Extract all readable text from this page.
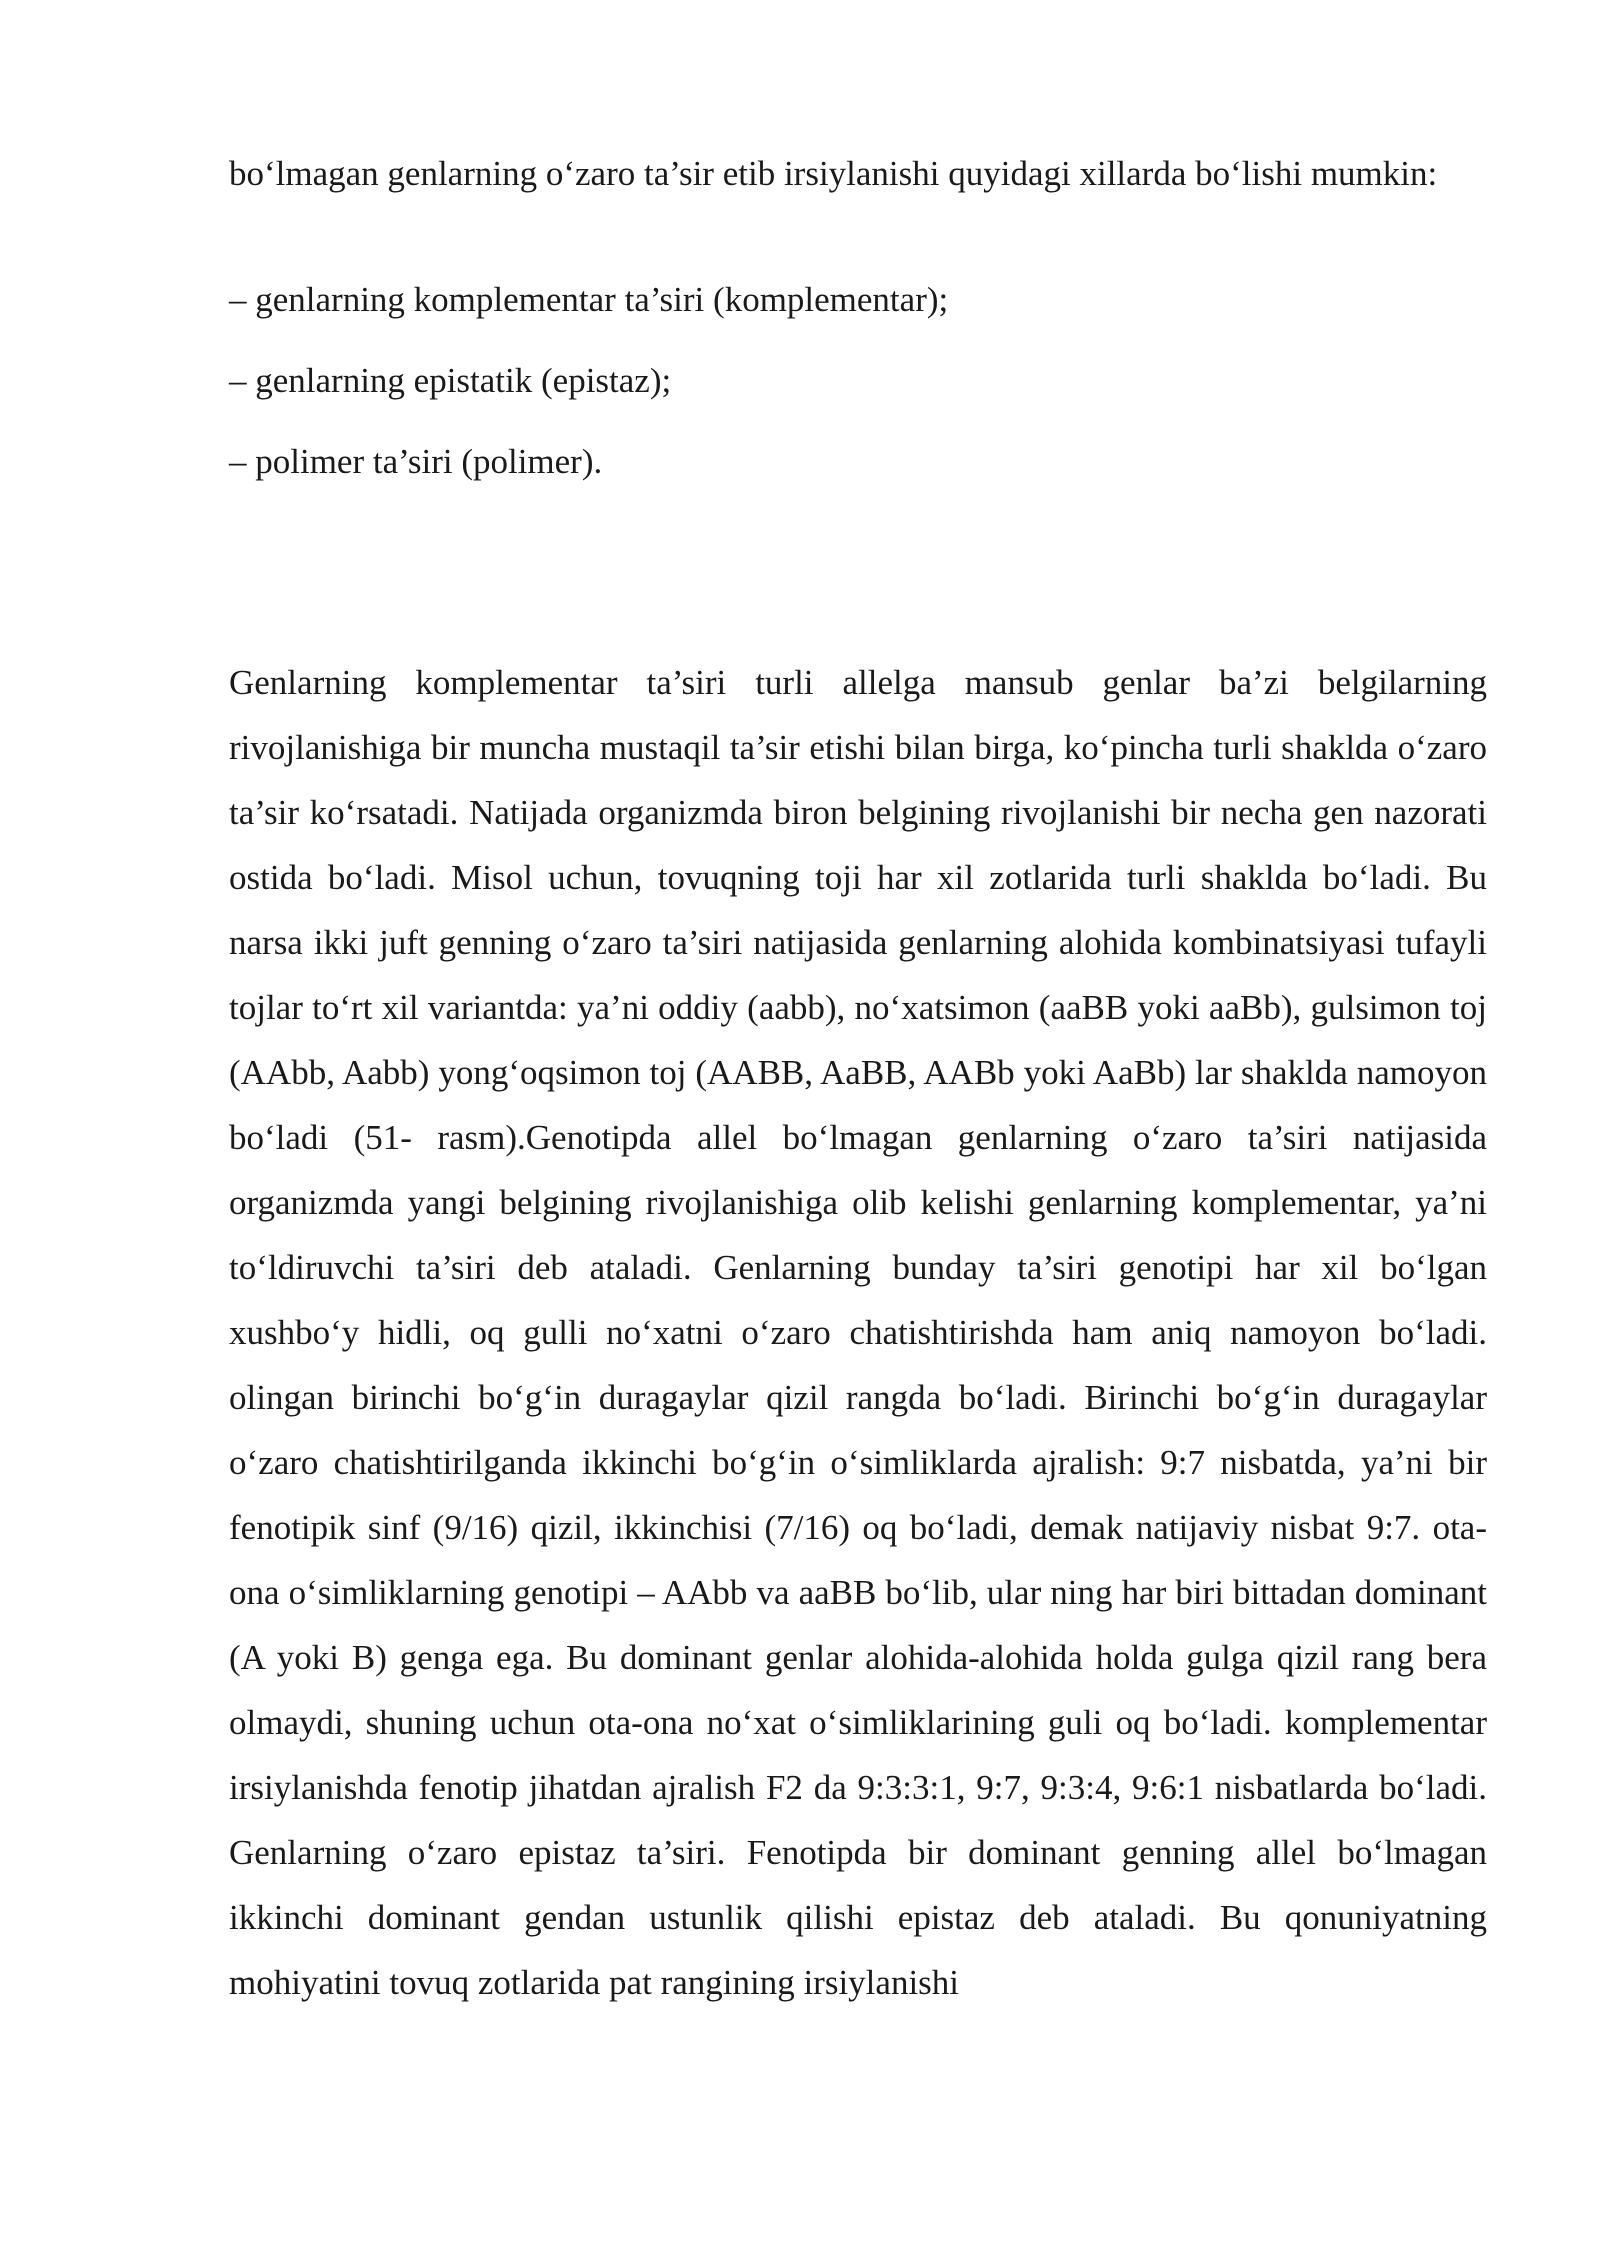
bo‘lmagan genlarning o‘zaro ta’sir etib irsiylanishi quyidagi xillarda bo‘lishi mumkin:

– genlarning komplementar ta’siri (komplementar);

– genlarning epistatik (epistaz);

– polimer ta’siri (polimer).

Genlarning komplementar ta’siri turli allelga mansub genlar ba’zi belgilarning rivojlanishiga bir muncha mustaqil ta’sir etishi bilan birga, ko‘pincha turli shaklda o‘zaro ta’sir ko‘rsatadi. Natijada organizmda biron belgining rivojlanishi bir necha gen nazorati ostida bo‘ladi. Misol uchun, tovuqning toji har xil zotlarida turli shaklda bo‘ladi. Bu narsa ikki juft genning o‘zaro ta’siri natijasida genlarning alohida kombinatsiyasi tufayli tojlar to‘rt xil variantda: ya’ni oddiy (aabb), no‘xatsimon (aaBB yoki aaBb), gulsimon toj (AAbb, Aabb) yong‘oqsimon toj (AABB, AaBB, AABb yoki AaBb) lar shaklda namoyon bo‘ladi (51- rasm).Genotipda allel bo‘lmagan genlarning o‘zaro ta’siri natijasida organizmda yangi belgining rivojlanishiga olib kelishi genlarning komplementar, ya’ni to‘ldiruvchi ta’siri deb ataladi. Genlarning bunday ta’siri genotipi har xil bo‘lgan xushbo‘y hidli, oq gulli no‘xatni o‘zaro chatishtirishda ham aniq namoyon bo‘ladi. olingan birinchi bo‘g‘in duragaylar qizil rangda bo‘ladi. Birinchi bo‘g‘in duragaylar o‘zaro chatishtirilganda ikkinchi bo‘g‘in o‘simliklarda ajralish: 9:7 nisbatda, ya’ni bir fenotipik sinf (9/16) qizil, ikkinchisi (7/16) oq bo‘ladi, demak natijaviy nisbat 9:7. ota-ona o‘simliklarning genotipi – AAbb va aaBB bo‘lib, ular ning har biri bittadan dominant (A yoki B) genga ega. Bu dominant genlar alohida-alohida holda gulga qizil rang bera olmaydi, shuning uchun ota-ona no‘xat o‘simliklarining guli oq bo‘ladi. komplementar irsiylanishda fenotip jihatdan ajralish F2 da 9:3:3:1, 9:7, 9:3:4, 9:6:1 nisbatlarda bo‘ladi. Genlarning o‘zaro epistaz ta’siri. Fenotipda bir dominant genning allel bo‘lmagan ikkinchi dominant gendan ustunlik qilishi epistaz deb ataladi. Bu qonuniyatning mohiyatini tovuq zotlarida pat rangining irsiylanishi
